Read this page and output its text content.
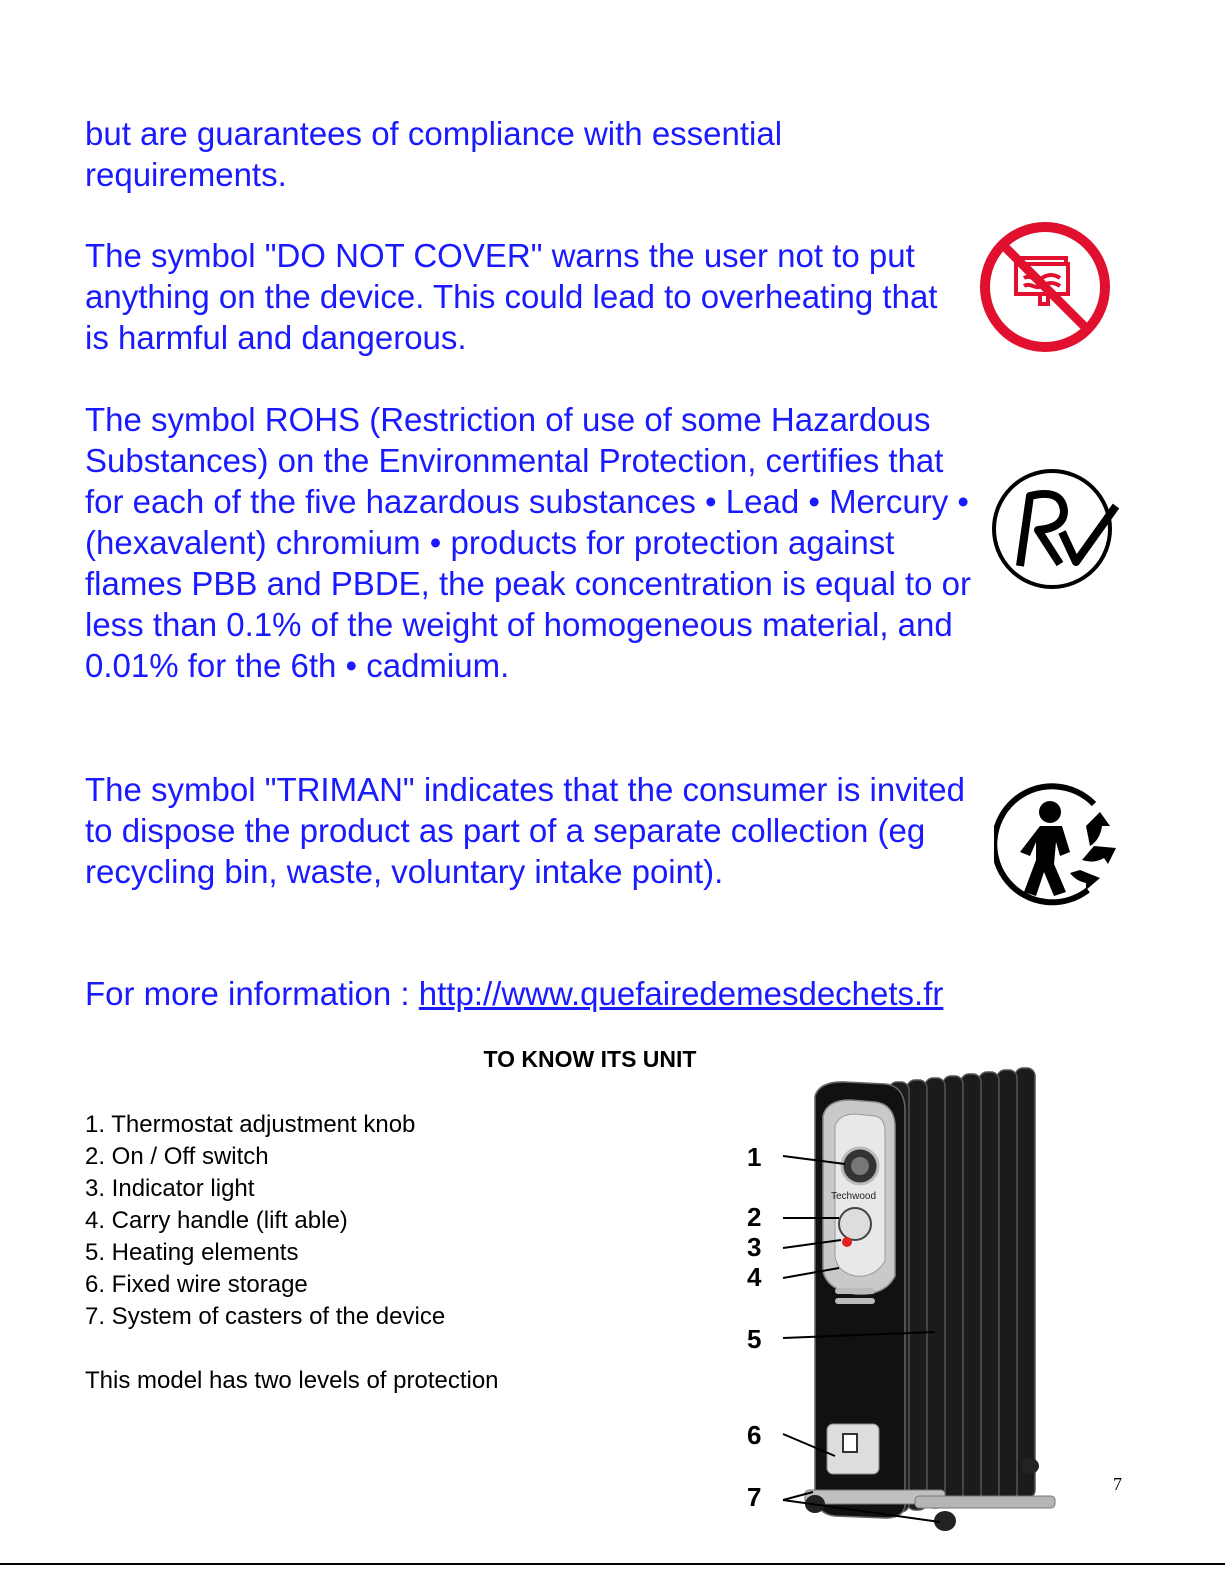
but are guarantees of compliance with essential requirements.

The symbol "DO NOT COVER" warns the user not to put anything on the device. This could lead to overheating that is harmful and dangerous.

The symbol ROHS (Restriction of use of some Hazardous Substances) on the Environmental Protection, certifies that for each of the five hazardous substances • Lead • Mercury • (hexavalent) chromium • products for protection against flames PBB and PBDE, the peak concentration is equal to or less than 0.1% of the weight of homogeneous material, and 0.01% for the 6th • cadmium.

The symbol "TRIMAN" indicates that the consumer is invited to dispose the product as part of a separate collection (eg recycling bin, waste, voluntary intake point).

For more information : http://www.quefairedemesdechets.fr

TO KNOW ITS UNIT
1. Thermostat adjustment knob
2. On / Off switch
3. Indicator light
4. Carry handle (lift able)
5. Heating elements
6. Fixed wire storage
7. System of casters of the device

This model has two levels of protection

Techwood
1
2
3
4
5
6
7	7
